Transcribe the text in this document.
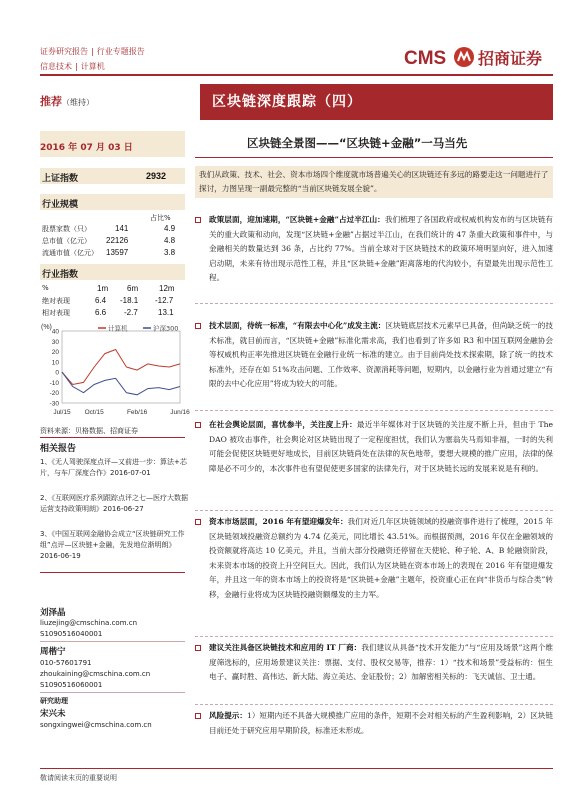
证券研究报告 | 行业专题报告
信息技术 | 计算机	CMS 招商证券
推荐（维持）
2016 年 07 月 03 日
上证指数	2932
行业规模
占比%
股票家数（只）	141	4.9
总市值（亿元） 22126	4.8
流通市值（亿元） 13597	3.8
行业指数
%	1m 6m	12m
绝对表现	6.4 -18.1 -12.7
相对表现	6.6 -2.7	13.1
40
30
20
10
0
-10
-20
-30
(%)
Jul/15 Oct/15	Feb/16	Jun/16
计算机	沪深300
资料来源：贝格数据、招商证券
相关报告
1、《无人驾驶深度点评—又前进一步：算法+芯片，与车厂深度合作》2016-07-01
2、《互联网医疗系列跟踪点评之七—医疗大数据运营支持政策明朗》2016-06-27
3、《中国互联网金融协会成立“区块链研究工作组”点评—区块链+金融，先发地位渐明朗》2016-06-19
刘泽晶
liuzejing@cmschina.com.cn
S1090516040001
周楷宁
010-57601791
zhoukaining@cmschina.com.cn
S1090516060001
研究助理
宋兴未
songxingwei@cmschina.com.cn
区块链深度跟踪（四）
区块链全景图——“区块链+金融”一马当先
我们从政策、技术、社会、资本市场四个维度就市场普遍关心的区块链还有多远的路要走这一问题进行了探讨，力图呈现一副最完整的“当前区块链发展全貌”。
政策层面，迎加速期，“区块链+金融”占过半江山：我们梳理了各国政府或权威机构发布的与区块链有关的重大政策和动向，发现“区块链+金融”占据过半江山，在我们统计的 47 条重大政策和事件中，与金融相关的数量达到 36 条，占比约 77%。当前全球对于区块链技术的政策环境明显向好，进入加速启动期，未来有待出现示范性工程，并且“区块链+金融”距离落地的代沟较小，有望最先出现示范性工程。
技术层面，待统一标准，“有限去中心化”成发主流：区块链底层技术元素早已具备，但尚缺乏统一的技术标准，就目前而言，“区块链+金融”标准化需求高，我们也看到了许多如 R3 和中国互联网金融协会等权威机构正率先推进区块链在金融行业统一标准的建立。由于目前尚处技术探索期，除了统一的技术标准外，还存在如 51%攻击问题、工作效率、资源消耗等问题，短期内，以金融行业为首通过建立“有限的去中心化应用”将成为较大的可能。
在社会舆论层面，喜忧参半，关注度上升：最近半年媒体对于区块链的关注度不断上升，但由于 The DAO 被攻击事件，社会舆论对区块链出现了一定程度担忧，我们认为塞翁失马焉知非福，一时的失利可能会促使区块链更好地成长，目前区块链尚处在法律的灰色地带，要想大规模的推广应用，法律的保障是必不可少的，本次事件也有望促使更多国家的法律先行，对于区块链长远的发展来说是有利的。
资本市场层面，2016 年有望迎爆发年：我们对近几年区块链领域的投融资事件进行了梳理，2015 年区块链领域投融资总额约为 4.74 亿美元，同比增长 43.51%。而根据预测，2016 年仅在金融领域的投资额就将高达 10 亿美元，并且，当前大部分投融资还停留在天使轮、种子轮、A、B 轮融资阶段，未来资本市场的投资上升空间巨大。因此，我们认为区块链在资本市场上的表现在 2016 年有望迎爆发年，并且这一年的资本市场上的投资将是“区块链+金融”主题年，投资重心正在向“非货币与综合类”转移，金融行业将成为区块链投融资额爆发的主力军。
建议关注具备区块链技术和应用的 IT 厂商：我们建议从具备“技术开发能力”与“应用及场景”这两个维度筛选标的，应用场景建议关注：票据、支付、股权交易等，推荐：1）“技术和场景”受益标的：恒生电子、赢时胜、高伟达、新大陆、海立美达、金证股份；2）加解密相关标的：飞天诚信、卫士通。
风险提示：1）短期内还不具备大规模推广应用的条件，短期不会对相关标的产生盈利影响，2）区块链目前还处于研究应用早期阶段，标准还未形成。
敬请阅读末页的重要说明
